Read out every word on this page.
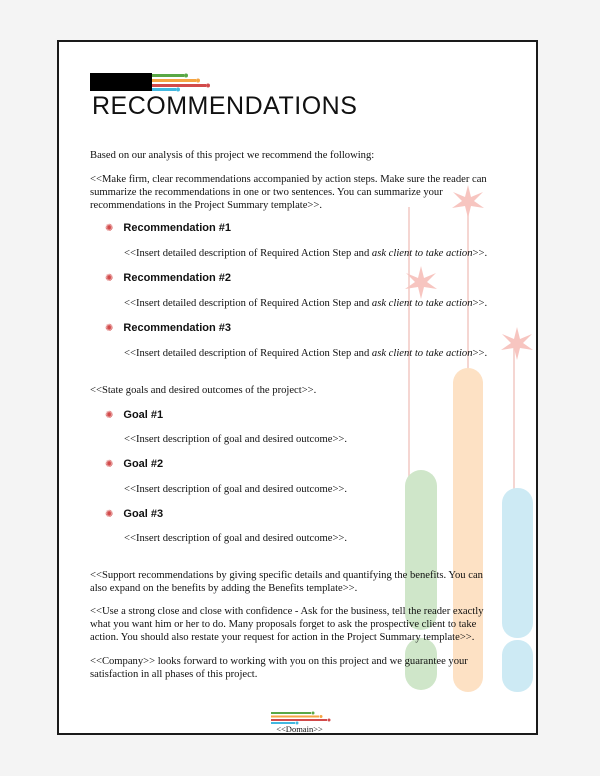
RECOMMENDATIONS
Based on our analysis of this project we recommend the following:
<<Make firm, clear recommendations accompanied by action steps. Make sure the reader can summarize the recommendations in one or two sentences. You can summarize your recommendations in the Project Summary template>>.
✺ Recommendation #1
<<Insert detailed description of Required Action Step and ask client to take action>>.
✺ Recommendation #2
<<Insert detailed description of Required Action Step and ask client to take action>>.
✺ Recommendation #3
<<Insert detailed description of Required Action Step and ask client to take action>>.
<<State goals and desired outcomes of the project>>.
✺ Goal #1
<<Insert description of goal and desired outcome>>.
✺ Goal #2
<<Insert description of goal and desired outcome>>.
✺ Goal #3
<<Insert description of goal and desired outcome>>.
<<Support recommendations by giving specific details and quantifying the benefits. You can also expand on the benefits by adding the Benefits template>>.
<<Use a strong close and close with confidence - Ask for the business, tell the reader exactly what you want him or her to do. Many proposals forget to ask the prospective client to take action. You should also restate your request for action in the Project Summary template>>.
<<Company>> looks forward to working with you on this project and we guarantee your satisfaction in all phases of this project.
<<Domain>>
